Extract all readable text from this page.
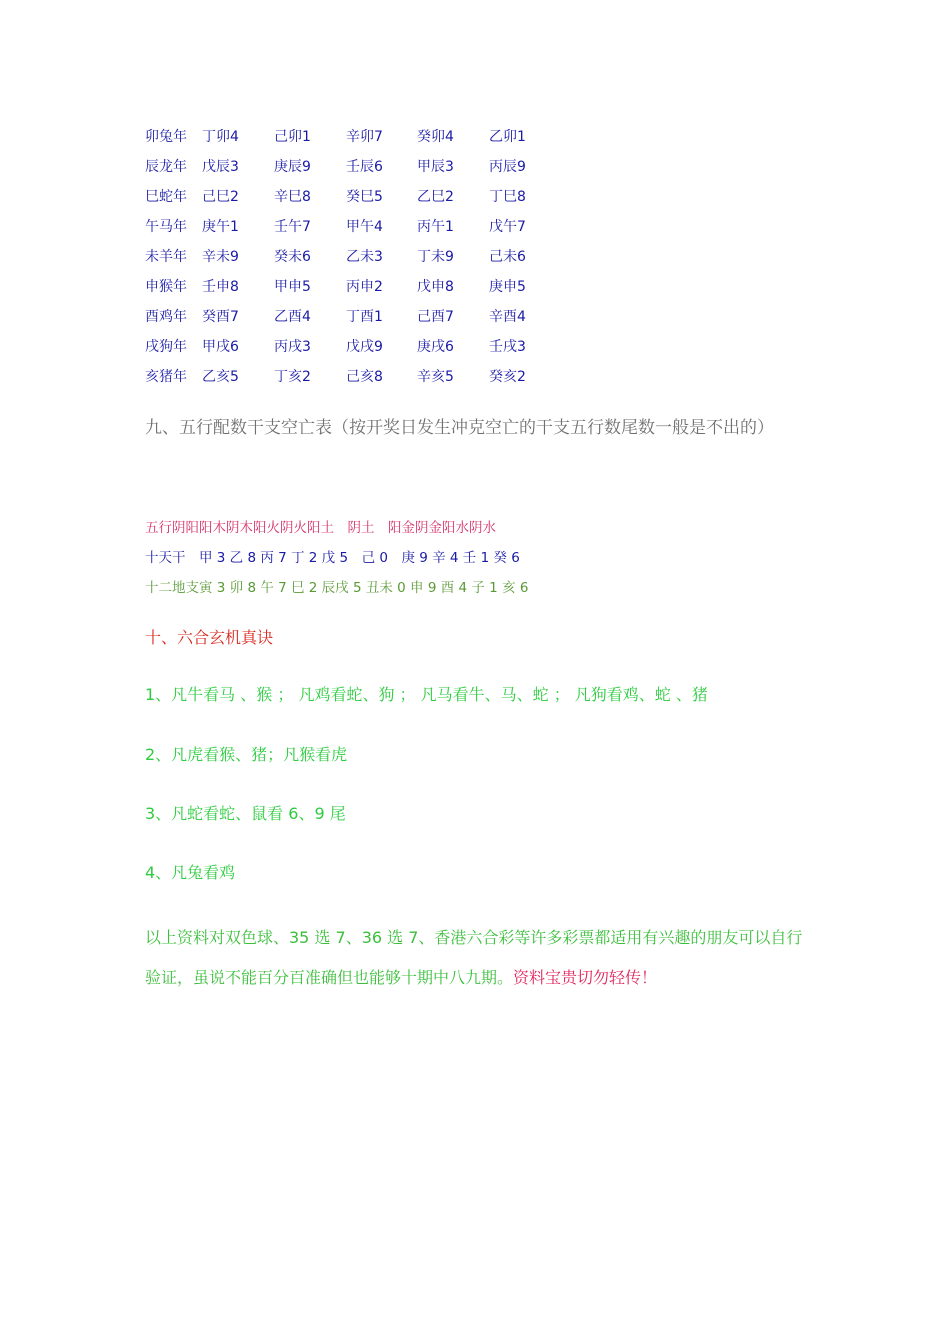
卯兔年 丁卯4	己卯1	辛卯7 癸卯4	乙卯1
辰龙年 戊辰3	庚辰9	壬辰6 甲辰3	丙辰9
巳蛇年 己巳2	辛巳8	癸巳5 乙巳2	丁巳8
午马年 庚午1	壬午7	甲午4 丙午1	戊午7
未羊年 辛未9	癸未6	乙未3 丁未9	己未6
申猴年 壬申8	甲申5	丙申2 戊申8	庚申5
酉鸡年 癸酉7	乙酉4	丁酉1 己酉7	辛酉4
戌狗年 甲戌6	丙戌3	戊戌9 庚戌6	壬戌3
亥猪年 乙亥5	丁亥2	己亥8 辛亥5	癸亥2
九、五行配数干支空亡表（按开奖日发生冲克空亡的干支五行数尾数一般是不出的）
五行阴阳阳木阴木阳火阴火阳土　阴土　阳金阴金阳水阴水
十天干　甲 3 乙 8 丙 7 丁 2 戊 5　己 0　庚 9 辛 4 壬 1 癸 6
十二地支寅 3 卯 8 午 7 巳 2 辰戌 5 丑未 0 申 9 酉 4 子 1 亥 6
十、六合玄机真诀
1、凡牛看马 、猴 ； 凡鸡看蛇、狗 ； 凡马看牛、马、蛇 ； 凡狗看鸡、蛇 、猪
2、凡虎看猴、猪；凡猴看虎
3、凡蛇看蛇、鼠看 6、9 尾
4、凡兔看鸡
以上资料对双色球、35 选 7、36 选 7、香港六合彩等许多彩票都适用有兴趣的朋友可以自行验证，虽说不能百分百准确但也能够十期中八九期。资料宝贵切勿轻传！
